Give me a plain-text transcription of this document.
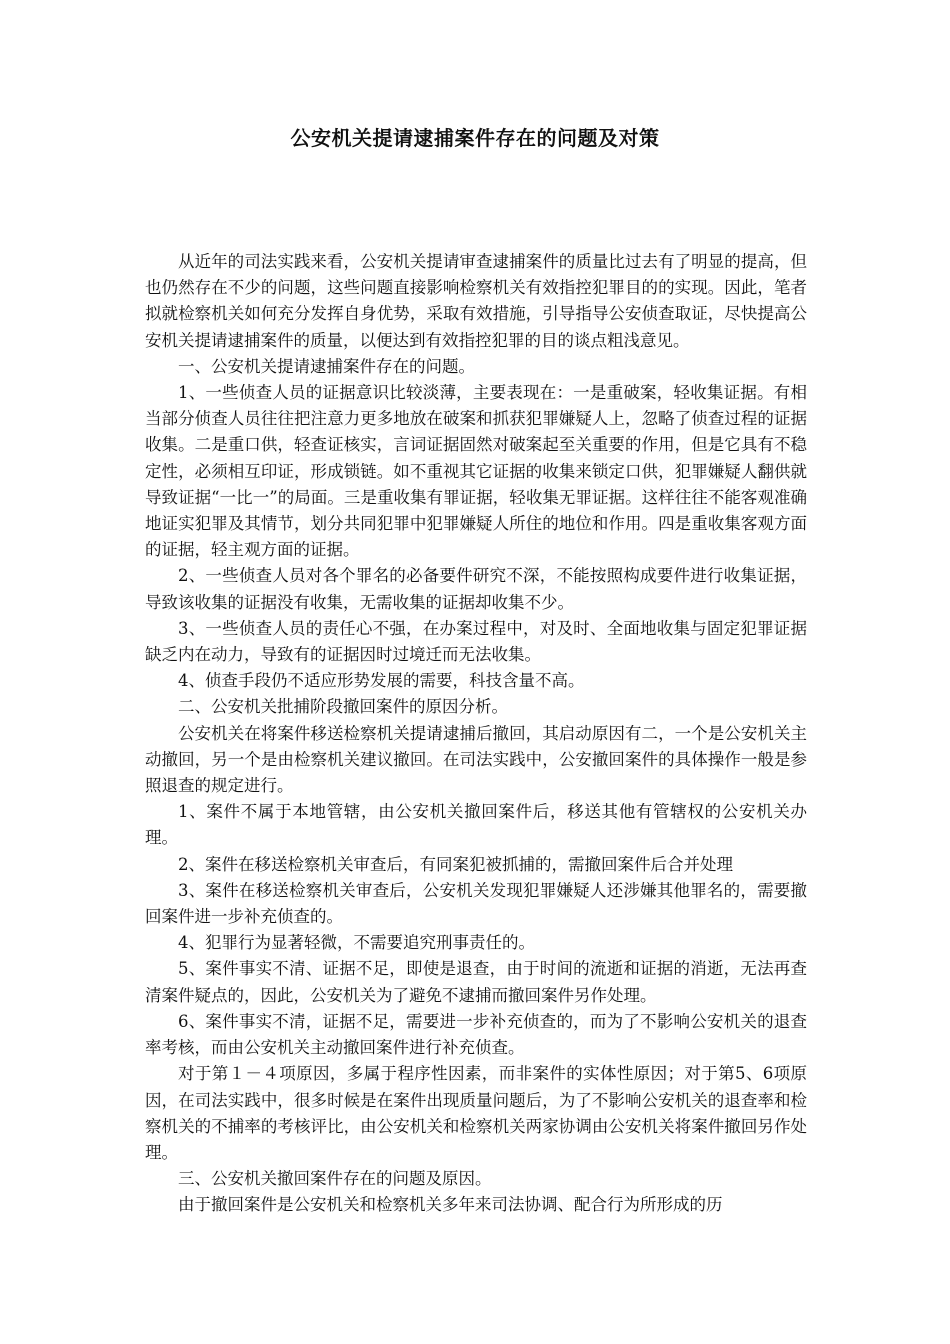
公安机关提请逮捕案件存在的问题及对策

从近年的司法实践来看，公安机关提请审查逮捕案件的质量比过去有了明显的提高，但也仍然存在不少的问题，这些问题直接影响检察机关有效指控犯罪目的的实现。因此，笔者拟就检察机关如何充分发挥自身优势，采取有效措施，引导指导公安侦查取证，尽快提高公安机关提请逮捕案件的质量，以便达到有效指控犯罪的目的谈点粗浅意见。

一、公安机关提请逮捕案件存在的问题。

1、一些侦查人员的证据意识比较淡薄，主要表现在：一是重破案，轻收集证据。有相当部分侦查人员往往把注意力更多地放在破案和抓获犯罪嫌疑人上，忽略了侦查过程的证据收集。二是重口供，轻查证核实，言词证据固然对破案起至关重要的作用，但是它具有不稳定性，必须相互印证，形成锁链。如不重视其它证据的收集来锁定口供，犯罪嫌疑人翻供就导致证据“一比一”的局面。三是重收集有罪证据，轻收集无罪证据。这样往往不能客观准确地证实犯罪及其情节，划分共同犯罪中犯罪嫌疑人所住的地位和作用。四是重收集客观方面的证据，轻主观方面的证据。

2、一些侦查人员对各个罪名的必备要件研究不深，不能按照构成要件进行收集证据，导致该收集的证据没有收集，无需收集的证据却收集不少。

3、一些侦查人员的责任心不强，在办案过程中，对及时、全面地收集与固定犯罪证据缺乏内在动力，导致有的证据因时过境迁而无法收集。

4、侦查手段仍不适应形势发展的需要，科技含量不高。

二、公安机关批捕阶段撤回案件的原因分析。

公安机关在将案件移送检察机关提请逮捕后撤回，其启动原因有二，一个是公安机关主动撤回，另一个是由检察机关建议撤回。在司法实践中，公安撤回案件的具体操作一般是参照退查的规定进行。

1、案件不属于本地管辖，由公安机关撤回案件后，移送其他有管辖权的公安机关办理。

2、案件在移送检察机关审查后，有同案犯被抓捕的，需撤回案件后合并处理

3、案件在移送检察机关审查后，公安机关发现犯罪嫌疑人还涉嫌其他罪名的，需要撤回案件进一步补充侦查的。

4、犯罪行为显著轻微，不需要追究刑事责任的。

5、案件事实不清、证据不足，即使是退查，由于时间的流逝和证据的消逝，无法再查清案件疑点的，因此，公安机关为了避免不逮捕而撤回案件另作处理。

6、案件事实不清，证据不足，需要进一步补充侦查的，而为了不影响公安机关的退查率考核，而由公安机关主动撤回案件进行补充侦查。

对于第１－４项原因，多属于程序性因素，而非案件的实体性原因；对于第5、6项原因，在司法实践中，很多时候是在案件出现质量问题后，为了不影响公安机关的退查率和检察机关的不捕率的考核评比，由公安机关和检察机关两家协调由公安机关将案件撤回另作处理。

三、公安机关撤回案件存在的问题及原因。

由于撤回案件是公安机关和检察机关多年来司法协调、配合行为所形成的历
